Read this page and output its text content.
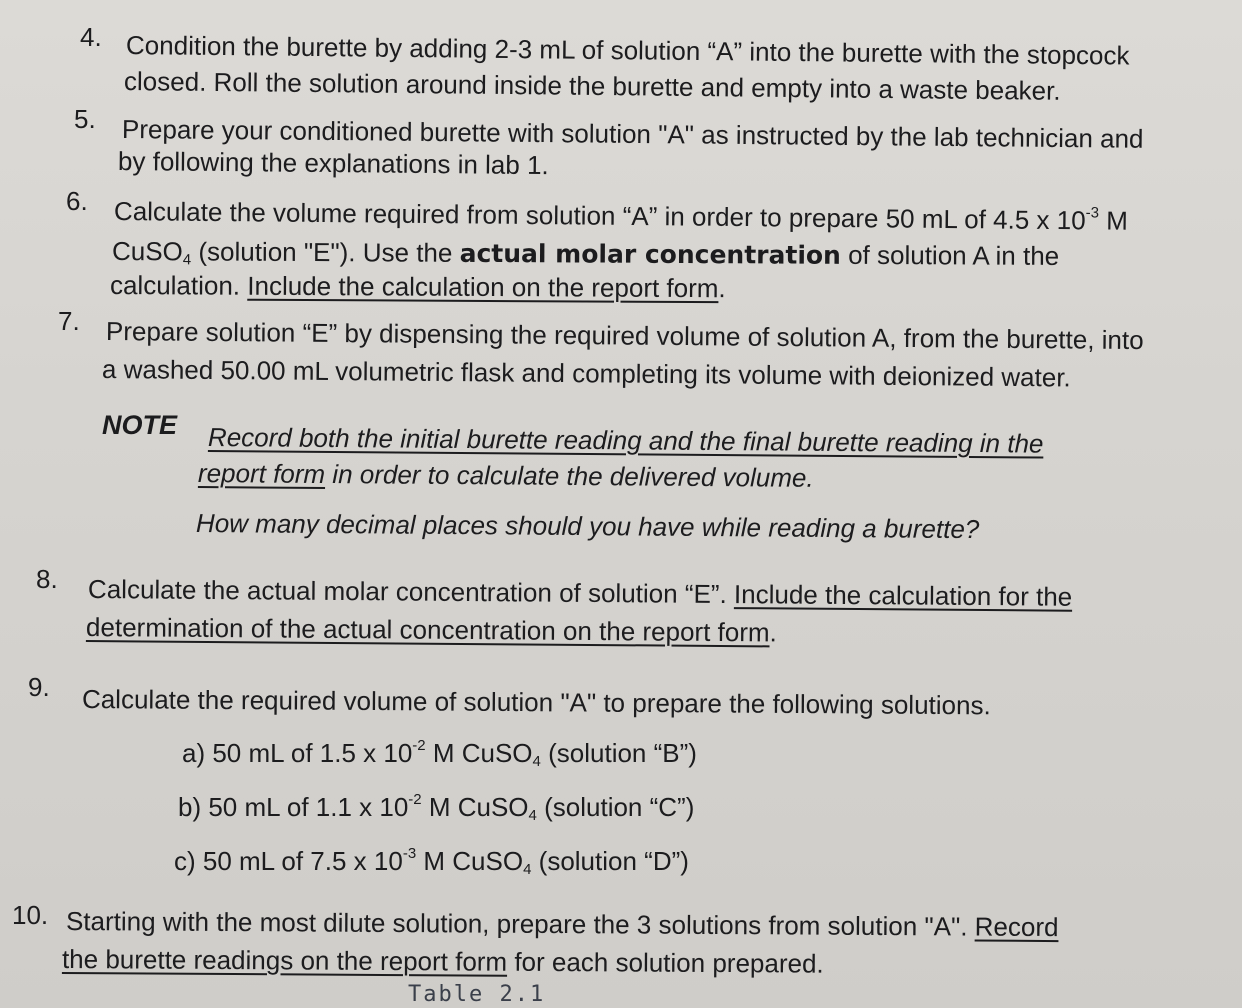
4. Condition the burette by adding 2-3 mL of solution “A” into the burette with the stopcock
closed. Roll the solution around inside the burette and empty into a waste beaker.
5. Prepare your conditioned burette with solution "A" as instructed by the lab technician and
by following the explanations in lab 1.
6. Calculate the volume required from solution “A” in order to prepare 50 mL of 4.5 x $10^{-3}$ M
CuSO$_4$ (solution "E"). Use the actual molar concentration of solution A in the
calculation. Include the calculation on the report form.
7. Prepare solution “E” by dispensing the required volume of solution A, from the burette, into
a washed 50.00 mL volumetric flask and completing its volume with deionized water.
NOTE Record both the initial burette reading and the final burette reading in the
report form in order to calculate the delivered volume.
How many decimal places should you have while reading a burette?
8. Calculate the actual molar concentration of solution “E”. Include the calculation for the
determination of the actual concentration on the report form.
9. Calculate the required volume of solution "A" to prepare the following solutions.
a) 50 mL of 1.5 x $10^{-2}$ M CuSO$_4$ (solution “B”)
b) 50 mL of 1.1 x $10^{-2}$ M CuSO$_4$ (solution “C”)
c) 50 mL of 7.5 x $10^{-3}$ M CuSO$_4$ (solution “D”)
10. Starting with the most dilute solution, prepare the 3 solutions from solution "A". Record
the burette readings on the report form for each solution prepared.
Table 2.1
